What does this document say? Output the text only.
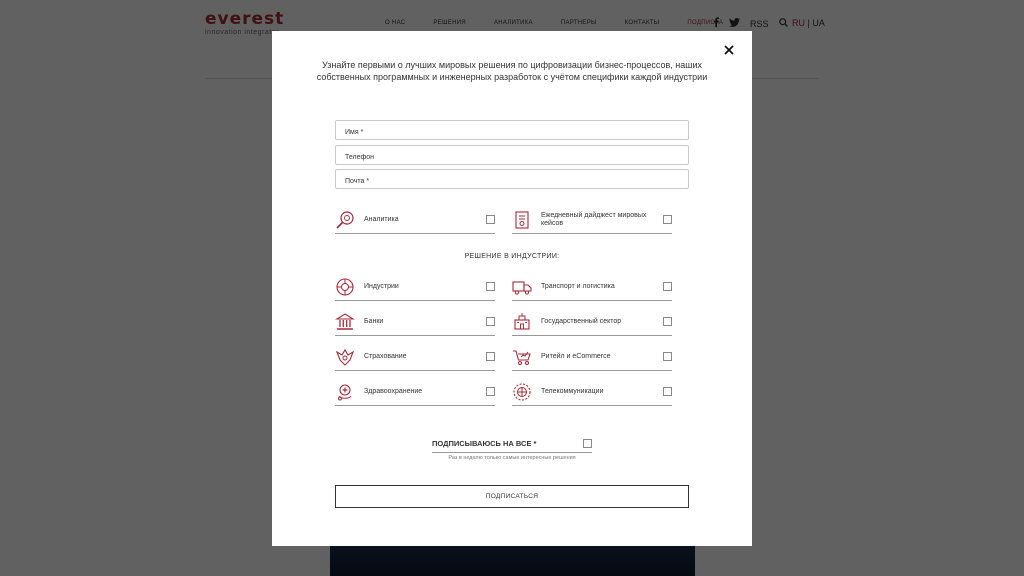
Узнайте первыми о лучших мировых решения по цифровизации бизнес-процессов, наших собственных программных и инженерных разработок с учётом специфики каждой индустрии
Имя *
Телефон
Почта *
Аналитика
Ежедневный дайджест мировых кейсов
РЕШЕНИЕ В ИНДУСТРИИ:
Индустрии	Транспорт и логистика
Банки	Государственный сектор
Страхование	Ритейл и eCommerce
Здравоохранение	Телекоммуникации
ПОДПИСЫВАЮСЬ НА ВСЕ *
Раз в неделю только самые интересные решения
ПОДПИСАТЬСЯ
